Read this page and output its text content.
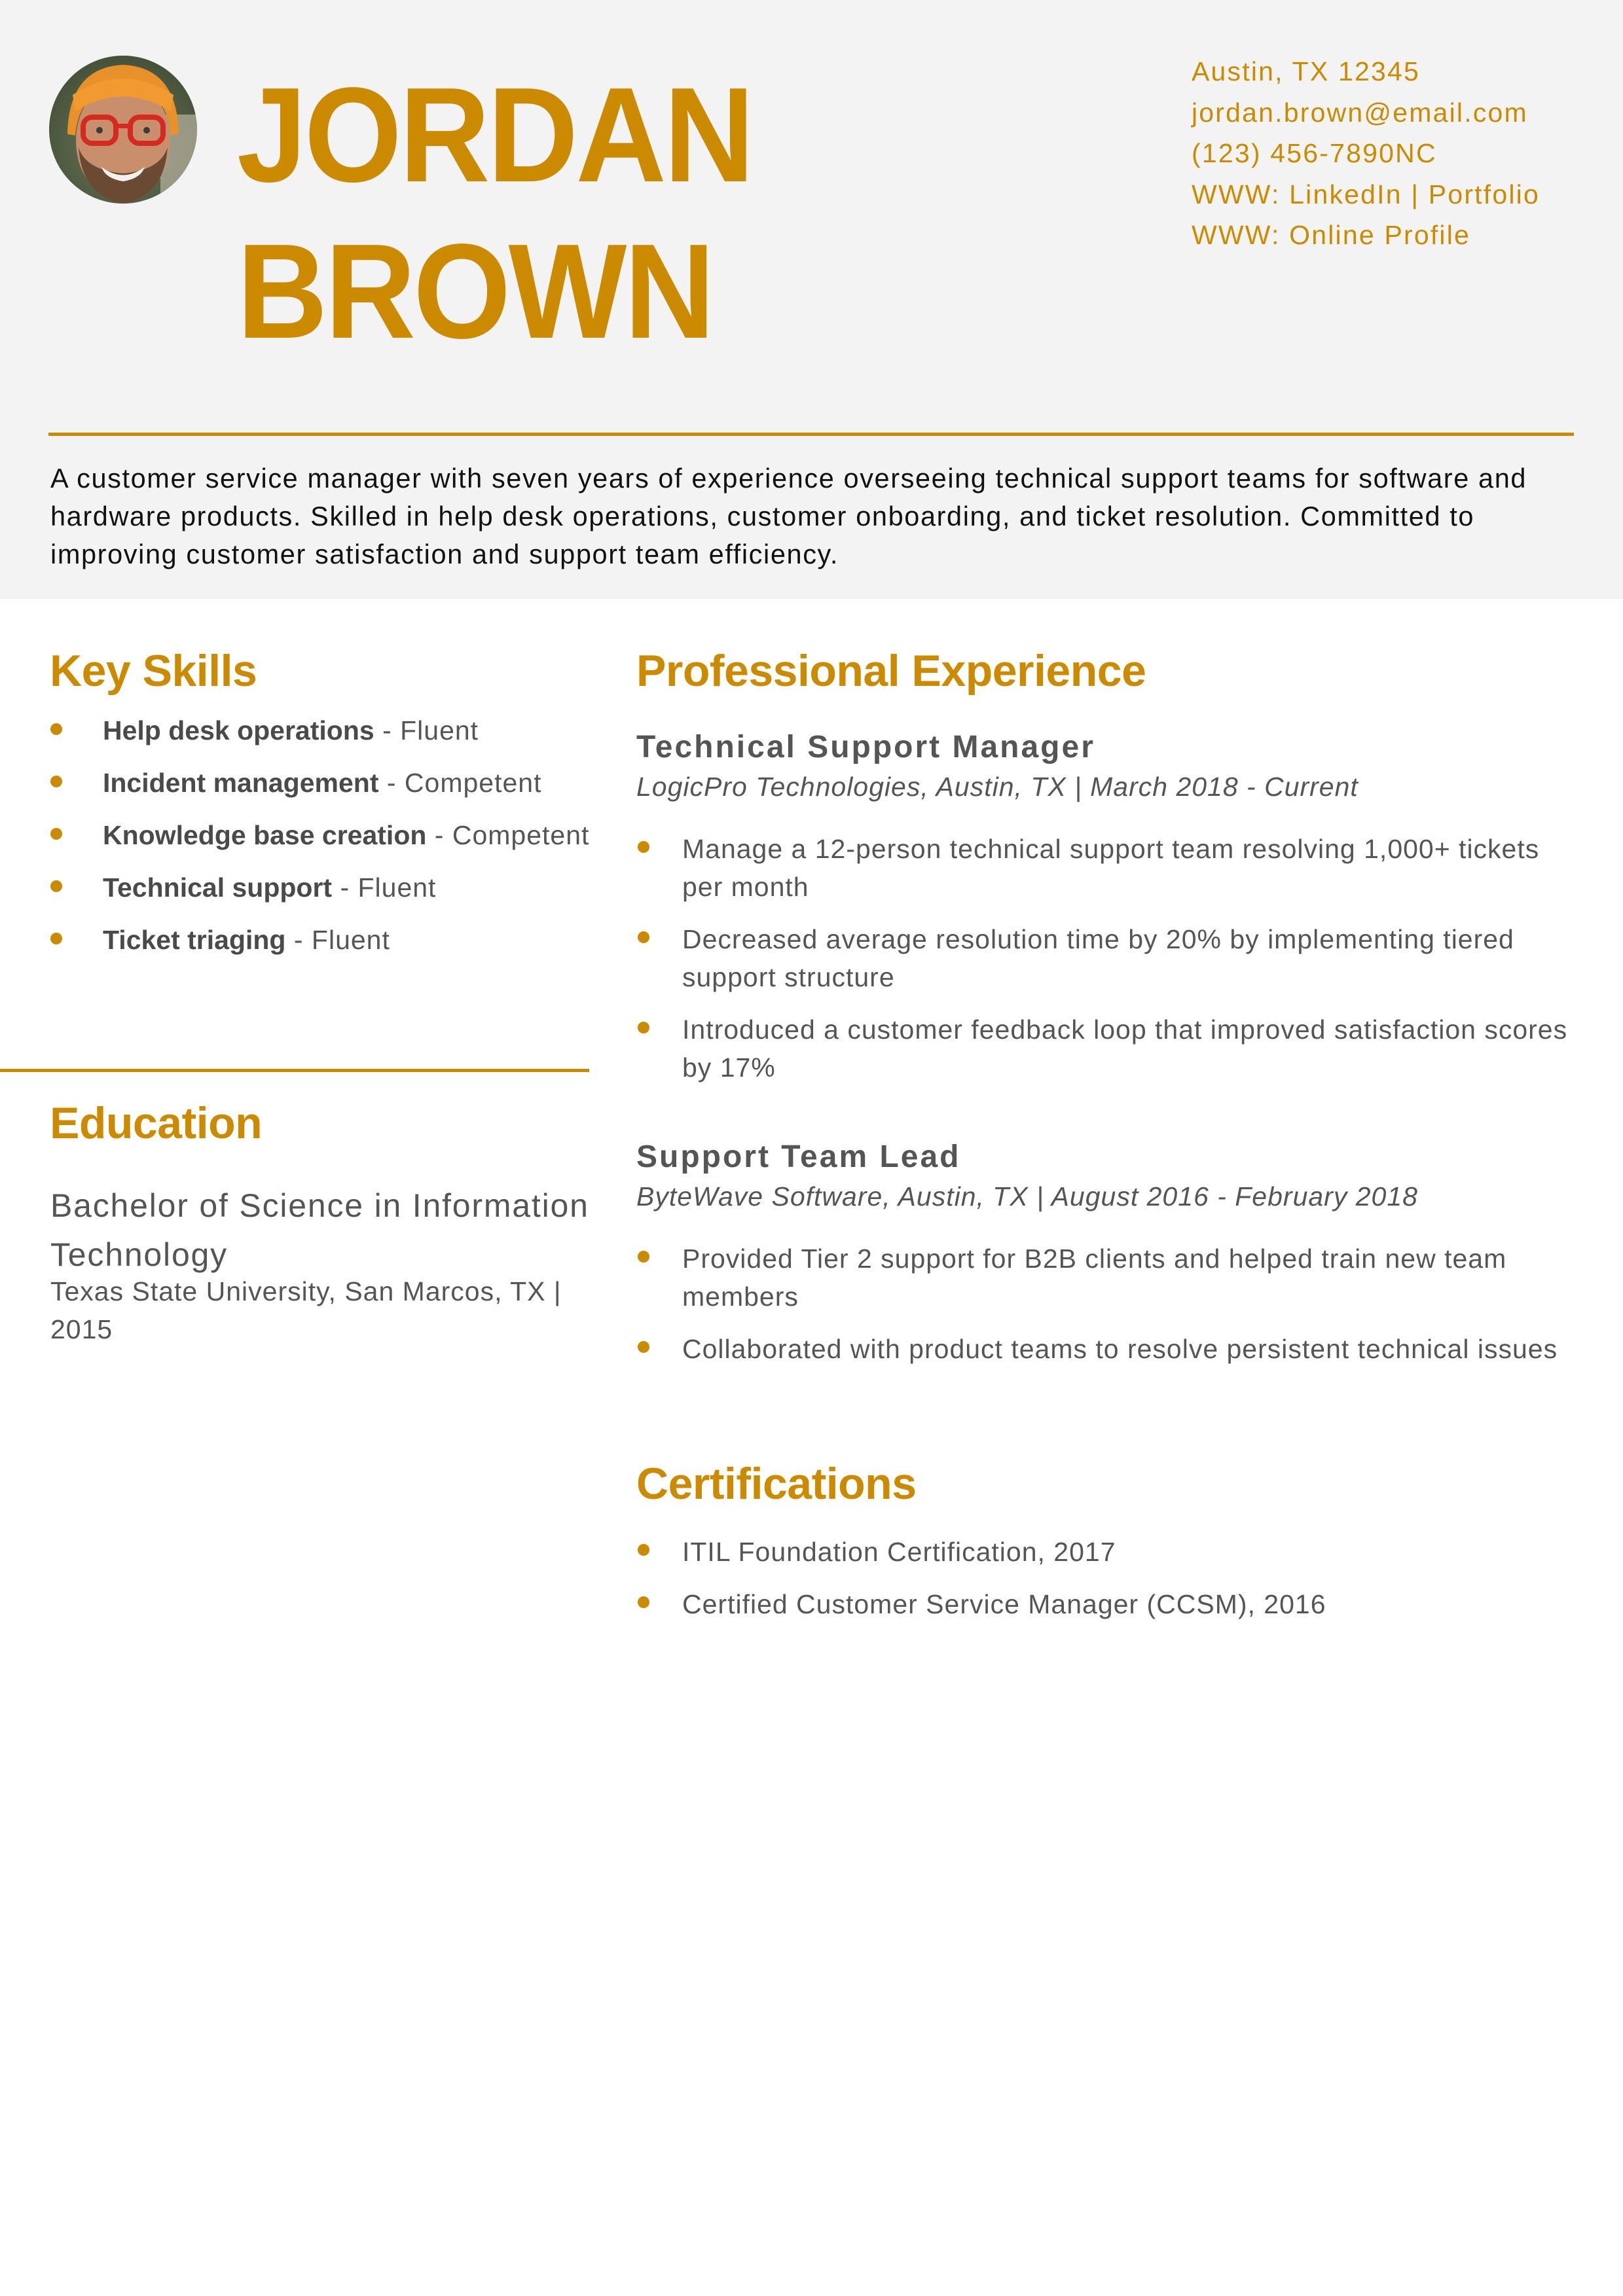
JORDAN
BROWN
Austin, TX 12345
jordan.brown@email.com
(123) 456-7890NC
WWW: LinkedIn | Portfolio
WWW: Online Profile
A customer service manager with seven years of experience overseeing technical support teams for software and hardware products. Skilled in help desk operations, customer onboarding, and ticket resolution. Committed to improving customer satisfaction and support team efficiency.
Key Skills
Help desk operations - Fluent
Incident management - Competent
Knowledge base creation - Competent
Technical support - Fluent
Ticket triaging - Fluent
Education
Bachelor of Science in Information Technology
Texas State University, San Marcos, TX | 2015
Professional Experience
Technical Support Manager
LogicPro Technologies, Austin, TX | March 2018 - Current
Manage a 12-person technical support team resolving 1,000+ tickets per month
Decreased average resolution time by 20% by implementing tiered support structure
Introduced a customer feedback loop that improved satisfaction scores by 17%
Support Team Lead
ByteWave Software, Austin, TX | August 2016 - February 2018
Provided Tier 2 support for B2B clients and helped train new team members
Collaborated with product teams to resolve persistent technical issues
Certifications
ITIL Foundation Certification, 2017
Certified Customer Service Manager (CCSM), 2016
